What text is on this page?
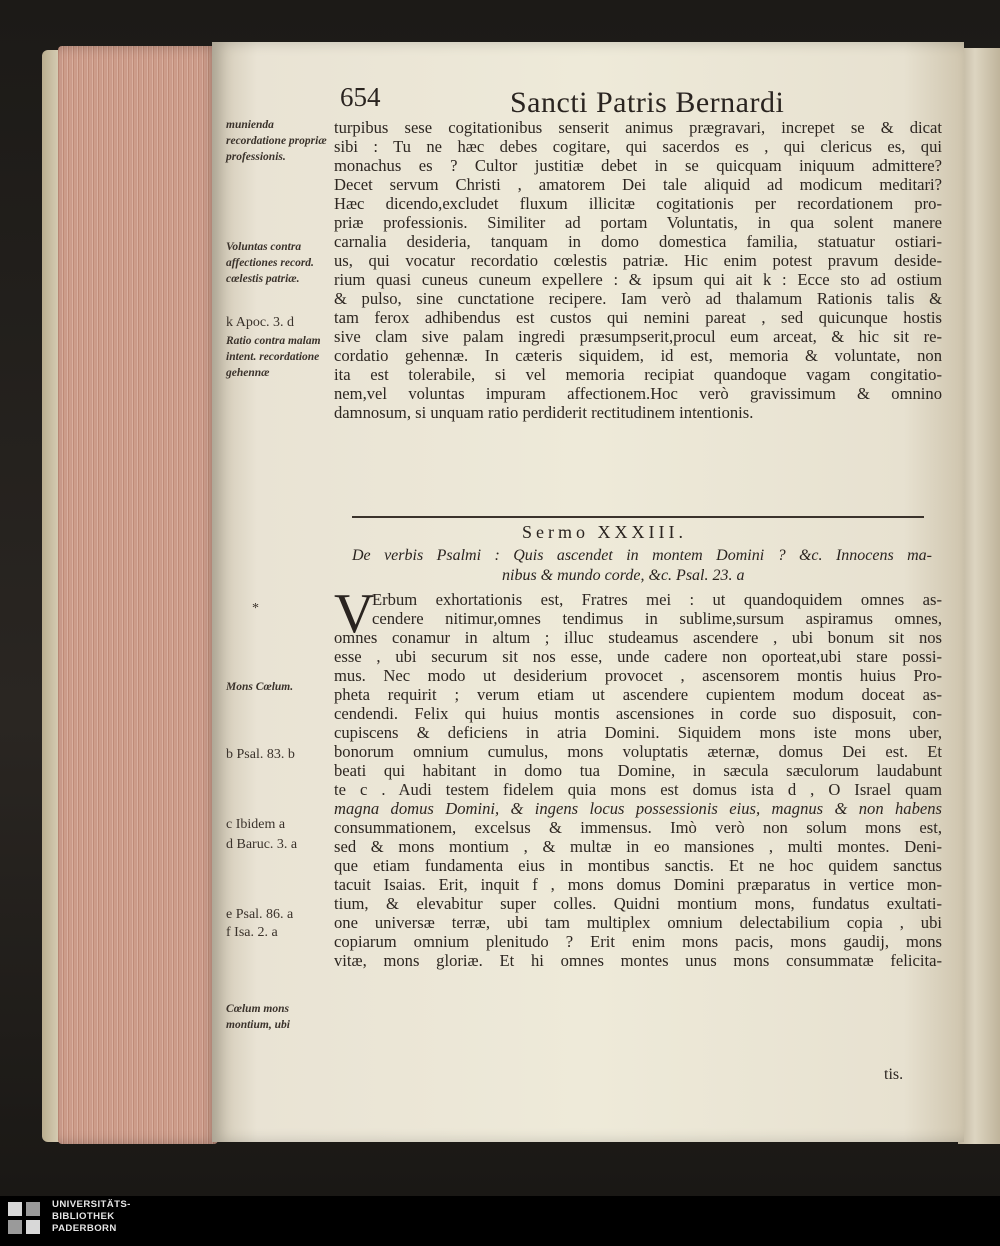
654	Sancti Patris Bernardi
munienda recordatione propriæ professionis.
Voluntas contra affectiones record. cœlestis patriæ.
k Apoc. 3. d
Ratio contra malam intent. recordatione gehennæ
*
Mons Cœlum.
b Psal. 83. b
c Ibidem a
d Baruc. 3. a
e Psal. 86. a
f Isa. 2. a
Cœlum mons montium, ubi
turpibus sese cogitationibus senserit animus prægravari, increpet se & dicat
sibi : Tu ne hæc debes cogitare, qui sacerdos es , qui clericus es, qui
monachus es ? Cultor justitiæ debet in se quicquam iniquum admittere?
Decet servum Christi , amatorem Dei tale aliquid ad modicum meditari?
Hæc dicendo,excludet fluxum illicitæ cogitationis per recordationem pro-
priæ professionis. Similiter ad portam Voluntatis, in qua solent manere
carnalia desideria, tanquam in domo domestica familia, statuatur ostiari-
us, qui vocatur recordatio cœlestis patriæ. Hic enim potest pravum deside-
rium quasi cuneus cuneum expellere : & ipsum qui ait k : Ecce sto ad ostium
& pulso, sine cunctatione recipere. Iam verò ad thalamum Rationis talis &
tam ferox adhibendus est custos qui nemini pareat , sed quicunque hostis
sive clam sive palam ingredi præsumpserit,procul eum arceat, & hic sit re-
cordatio gehennæ. In cæteris siquidem, id est, memoria & voluntate, non
ita est tolerabile, si vel memoria recipiat quandoque vagam congitatio-
nem,vel voluntas impuram affectionem.Hoc verò gravissimum & omnino
damnosum, si unquam ratio perdiderit rectitudinem intentionis.
Sermo XXXIII.
De verbis Psalmi : Quis ascendet in montem Domini ? &c. Innocens ma-
nibus & mundo corde, &c. Psal. 23. a
V
Erbum exhortationis est, Fratres mei : ut quandoquidem omnes as-
cendere nitimur,omnes tendimus in sublime,sursum aspiramus omnes,
omnes conamur in altum ; illuc studeamus ascendere , ubi bonum sit nos
esse , ubi securum sit nos esse, unde cadere non oporteat,ubi stare possi-
mus. Nec modo ut desiderium provocet , ascensorem montis huius Pro-
pheta requirit ; verum etiam ut ascendere cupientem modum doceat as-
cendendi. Felix qui huius montis ascensiones in corde suo disposuit, con-
cupiscens & deficiens in atria Domini. Siquidem mons iste mons uber,
bonorum omnium cumulus, mons voluptatis æternæ, domus Dei est. Et
beati qui habitant in domo tua Domine, in sæcula sæculorum laudabunt
te c . Audi testem fidelem quia mons est domus ista d , O Israel quam
magna domus Domini, & ingens locus possessionis eius, magnus & non habens
consummationem, excelsus & immensus. Imò verò non solum mons est,
sed & mons montium , & multæ in eo mansiones , multi montes. Deni-
que etiam fundamenta eius in montibus sanctis. Et ne hoc quidem sanctus
tacuit Isaias. Erit, inquit f , mons domus Domini præparatus in vertice mon-
tium, & elevabitur super colles. Quidni montium mons, fundatus exultati-
one universæ terræ, ubi tam multiplex omnium delectabilium copia , ubi
copiarum omnium plenitudo ? Erit enim mons pacis, mons gaudij, mons
vitæ, mons gloriæ. Et hi omnes montes unus mons consummatæ felicita-
tis.
UNIVERSITÄTS-
BIBLIOTHEK
PADERBORN
